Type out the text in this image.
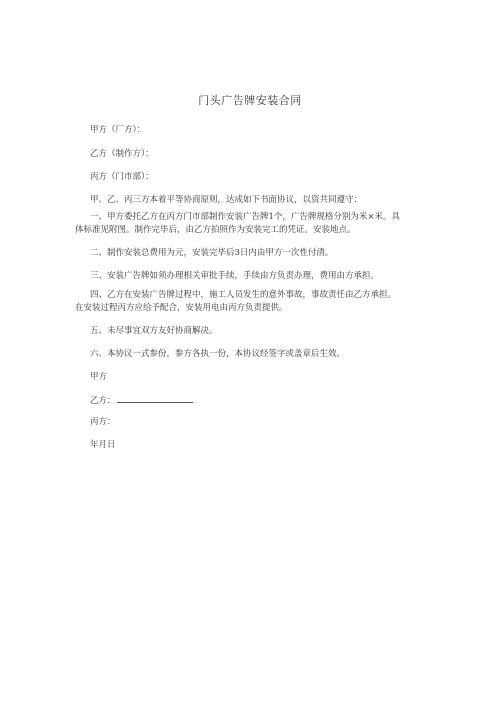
门头广告牌安装合同
甲方（厂方）：
乙方（制作方）：
丙方（门市部）：
甲、乙、丙三方本着平等协商原则，达成如下书面协议，以资共同遵守：
一、甲方委托乙方在丙方门市部制作安装广告牌1个，广告牌规格分别为米×米。具
体标准见附图。制作完毕后，由乙方拍照作为安装完工的凭证。安装地点。
二、制作安装总费用为元，安装完毕后3日内由甲方一次性付清。
三、安装广告牌如须办理相关审批手续，手续由方负责办理，费用由方承担。
四、乙方在安装广告牌过程中，施工人员发生的意外事故，事故责任由乙方承担。
在安装过程丙方应给予配合，安装用电由丙方负责提供。
五、未尽事宜双方友好协商解决。
六、本协议一式参份，参方各执一份，本协议经签字或盖章后生效。
甲方
乙方：
丙方：
年月日
